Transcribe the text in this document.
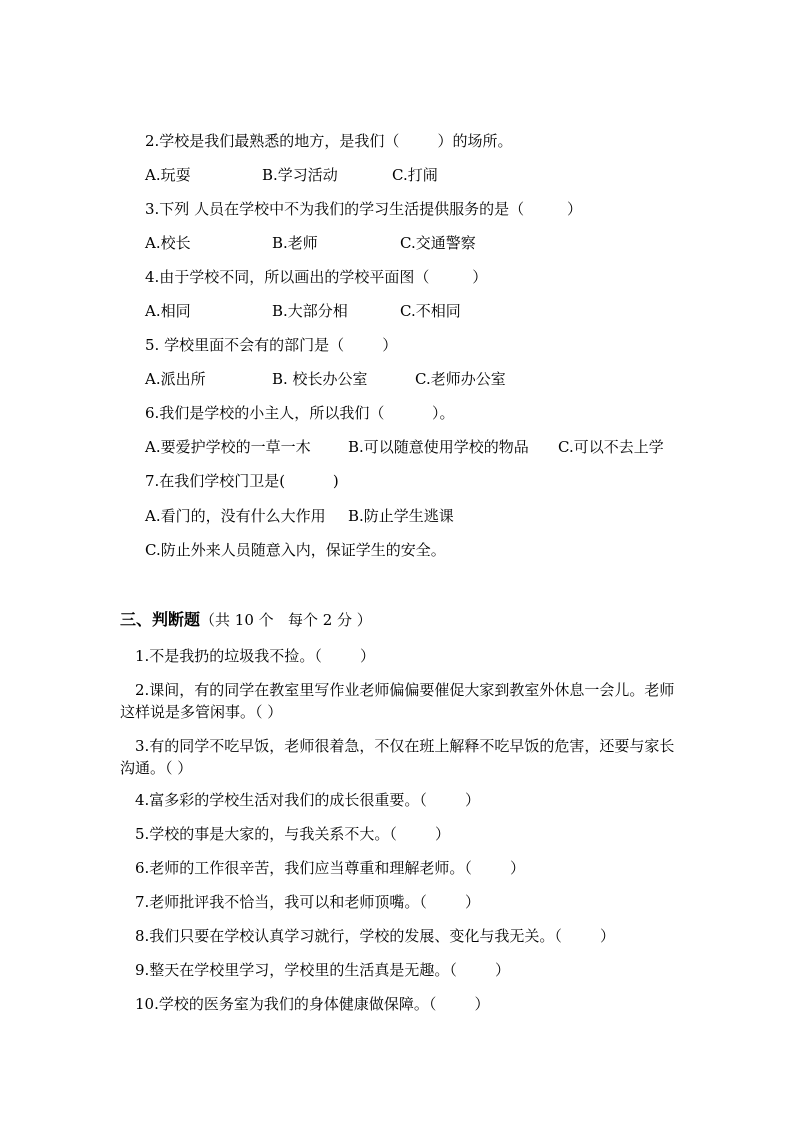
2.学校是我们最熟悉的地方，是我们（        ）的场所。
A.玩耍	B.学习活动	C.打闹
3.下列 人员在学校中不为我们的学习生活提供服务的是（         ）
A.校长	B.老师	C.交通警察
4.由于学校不同，所以画出的学校平面图（         ）
A.相同	B.大部分相	C.不相同
5. 学校里面不会有的部门是（        ）
A.派出所	B. 校长办公室	C.老师办公室
6.我们是学校的小主人，所以我们（          ）。
A.要爱护学校的一草一木 B.可以随意使用学校的物品 C.可以不去上学
7.在我们学校门卫是(          )
A.看门的，没有什么大作用 B.防止学生逃课
C.防止外来人员随意入内，保证学生的安全。
三、判断题（共 10 个   每个 2 分 ）
1.不是我扔的垃圾我不捡。（        ）
2.课间，有的同学在教室里写作业老师偏偏要催促大家到教室外休息一会儿。老师这样说是多管闲事。（ ）
3.有的同学不吃早饭，老师很着急，不仅在班上解释不吃早饭的危害，还要与家长沟通。（ ）
4.富多彩的学校生活对我们的成长很重要。（        ）
5.学校的事是大家的，与我关系不大。（        ）
6.老师的工作很辛苦，我们应当尊重和理解老师。（        ）
7.老师批评我不恰当，我可以和老师顶嘴。（        ）
8.我们只要在学校认真学习就行，学校的发展、变化与我无关。（        ）
9.整天在学校里学习，学校里的生活真是无趣。（        ）
10.学校的医务室为我们的身体健康做保障。（        ）
